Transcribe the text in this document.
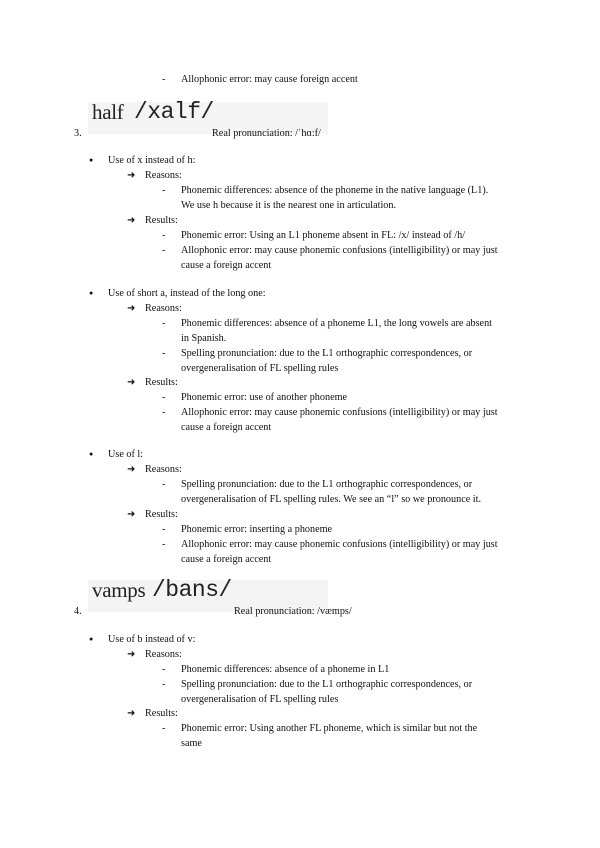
- Allophonic error: may cause foreign accent
3.
half /xalf/
Real pronunciation: /ˈhɑ:f/
● Use of x instead of h:
➜ Reasons:
- Phonemic differences: absence of the phoneme in the native language (L1).
We use h because it is the nearest one in articulation.
➜ Results:
- Phonemic error: Using an L1 phoneme absent in FL: /x/ instead of /h/
- Allophonic error: may cause phonemic confusions (intelligibility) or may just
cause a foreign accent
● Use of short a, instead of the long one:
➜ Reasons:
- Phonemic differences: absence of a phoneme L1, the long vowels are absent
in Spanish.
- Spelling pronunciation: due to the L1 orthographic correspondences, or
overgeneralisation of FL spelling rules
➜ Results:
- Phonemic error: use of another phoneme
- Allophonic error: may cause phonemic confusions (intelligibility) or may just
cause a foreign accent
● Use of l:
➜ Reasons:
- Spelling pronunciation: due to the L1 orthographic correspondences, or
overgeneralisation of FL spelling rules. We see an “l” so we pronounce it.
➜ Results:
- Phonemic error: inserting a phoneme
- Allophonic error: may cause phonemic confusions (intelligibility) or may just
cause a foreign accent
4.
vamps /bans/
Real pronunciation: /væmps/
● Use of b instead of v:
➜ Reasons:
- Phonemic differences: absence of a phoneme in L1
- Spelling pronunciation: due to the L1 orthographic correspondences, or
overgeneralisation of FL spelling rules
➜ Results:
- Phonemic error: Using another FL phoneme, which is similar but not the
same
